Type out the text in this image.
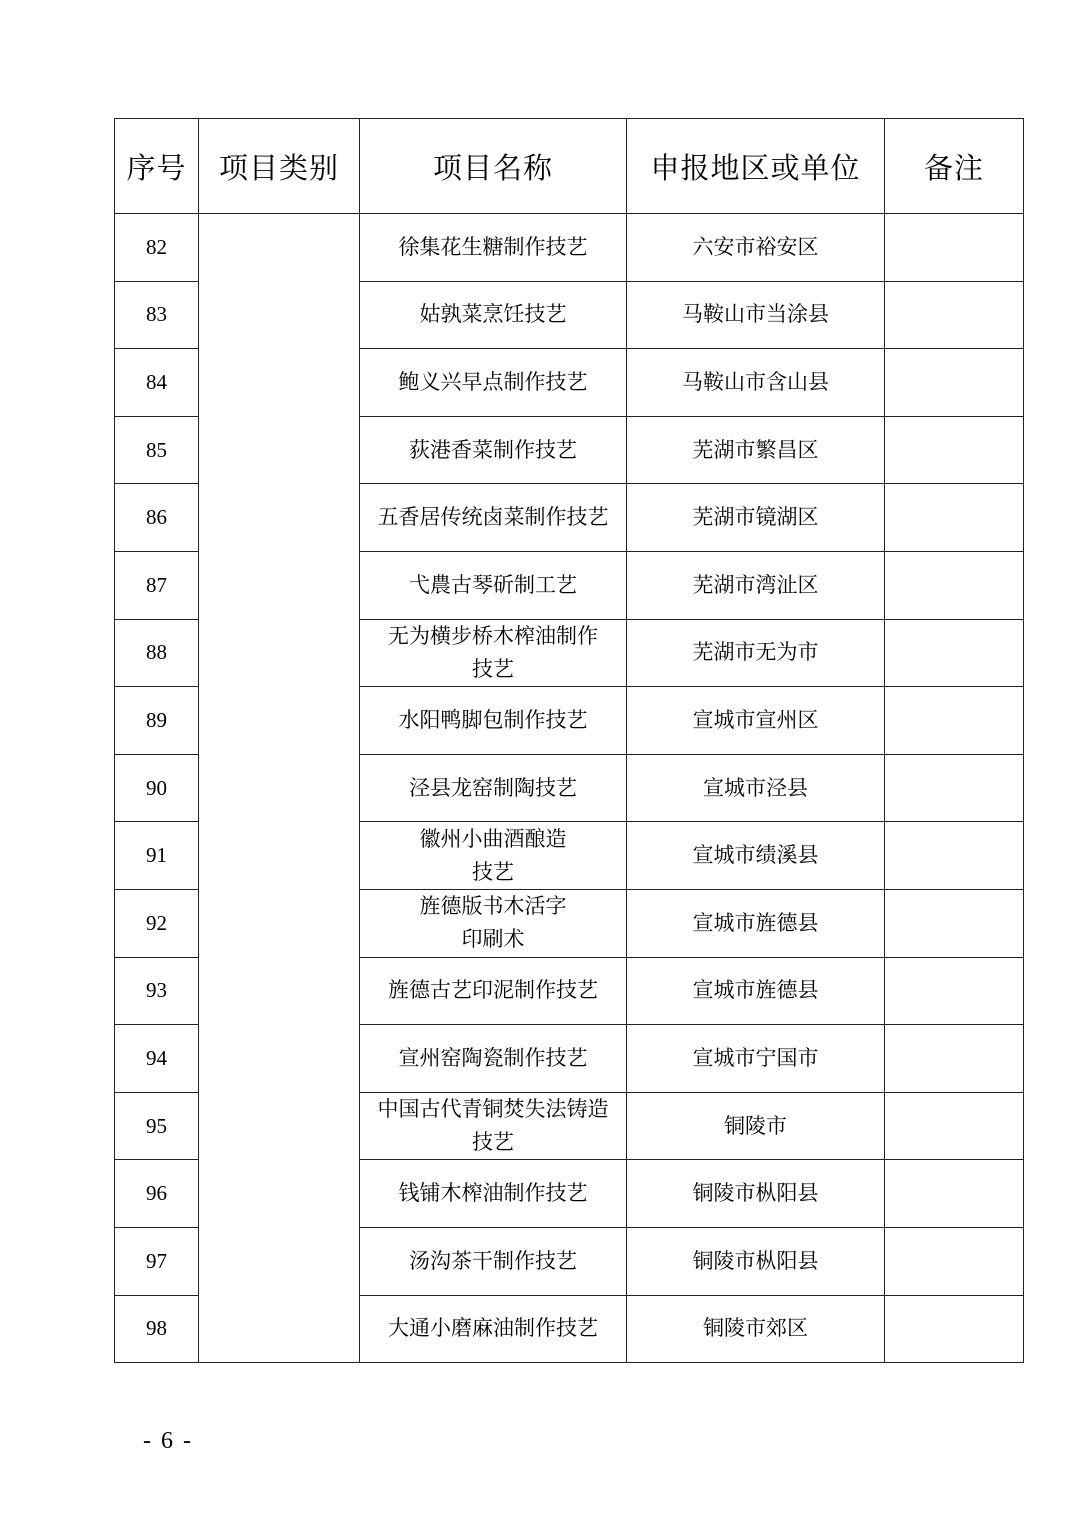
序号	项目类别	项目名称	申报地区或单位	备注
82		徐集花生糖制作技艺	六安市裕安区	
83		姑孰菜烹饪技艺	马鞍山市当涂县	
84		鲍义兴早点制作技艺	马鞍山市含山县	
85		荻港香菜制作技艺	芜湖市繁昌区	
86		五香居传统卤菜制作技艺	芜湖市镜湖区	
87		弋農古琴斫制工艺	芜湖市湾沚区	
88		无为横步桥木榨油制作
技艺	芜湖市无为市	
89		水阳鸭脚包制作技艺	宣城市宣州区	
90		泾县龙窑制陶技艺	宣城市泾县	
91		徽州小曲酒酿造
技艺	宣城市绩溪县	
92		旌德版书木活字
印刷术	宣城市旌德县	
93		旌德古艺印泥制作技艺	宣城市旌德县	
94		宣州窑陶瓷制作技艺	宣城市宁国市	
95		中国古代青铜焚失法铸造
技艺	铜陵市	
96		钱铺木榨油制作技艺	铜陵市枞阳县	
97		汤沟茶干制作技艺	铜陵市枞阳县	
98		大通小磨麻油制作技艺	铜陵市郊区	
- 6 -
